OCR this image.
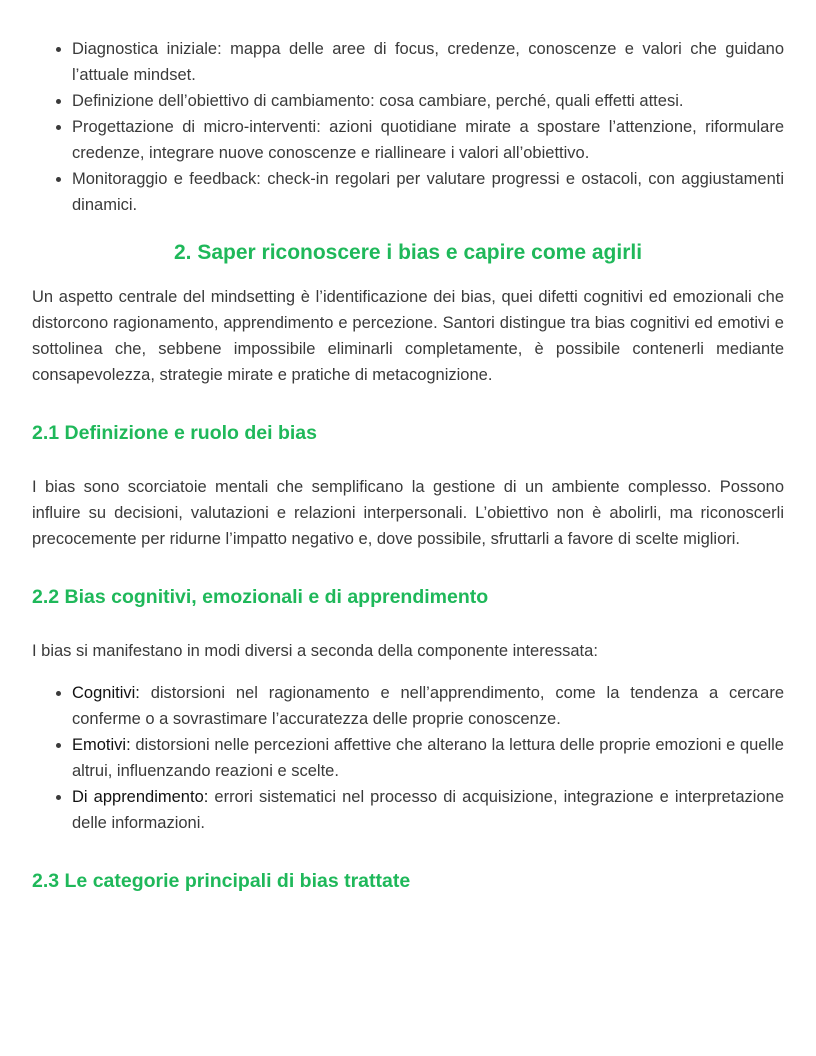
• Diagnostica iniziale: mappa delle aree di focus, credenze, conoscenze e valori che guidano l’attuale mindset.
• Definizione dell’obiettivo di cambiamento: cosa cambiare, perché, quali effetti attesi.
• Progettazione di micro-interventi: azioni quotidiane mirate a spostare l’attenzione, riformulare credenze, integrare nuove conoscenze e riallineare i valori all’obiettivo.
• Monitoraggio e feedback: check-in regolari per valutare progressi e ostacoli, con aggiustamenti dinamici.
2. Saper riconoscere i bias e capire come agirli

Un aspetto centrale del mindsetting è l’identificazione dei bias, quei difetti cognitivi ed emozionali che distorcono ragionamento, apprendimento e percezione. Santori distingue tra bias cognitivi ed emotivi e sottolinea che, sebbene impossibile eliminarli completamente, è possibile contenerli mediante consapevolezza, strategie mirate e pratiche di metacognizione.

2.1 Definizione e ruolo dei bias

I bias sono scorciatoie mentali che semplificano la gestione di un ambiente complesso. Possono influire su decisioni, valutazioni e relazioni interpersonali. L’obiettivo non è abolirli, ma riconoscerli precocemente per ridurne l’impatto negativo e, dove possibile, sfruttarli a favore di scelte migliori.

2.2 Bias cognitivi, emozionali e di apprendimento

I bias si manifestano in modi diversi a seconda della componente interessata:

• Cognitivi: distorsioni nel ragionamento e nell’apprendimento, come la tendenza a cercare conferme o a sovrastimare l’accuratezza delle proprie conoscenze.
• Emotivi: distorsioni nelle percezioni affettive che alterano la lettura delle proprie emozioni e quelle altrui, influenzando reazioni e scelte.
• Di apprendimento: errori sistematici nel processo di acquisizione, integrazione e interpretazione delle informazioni.
2.3 Le categorie principali di bias trattate
